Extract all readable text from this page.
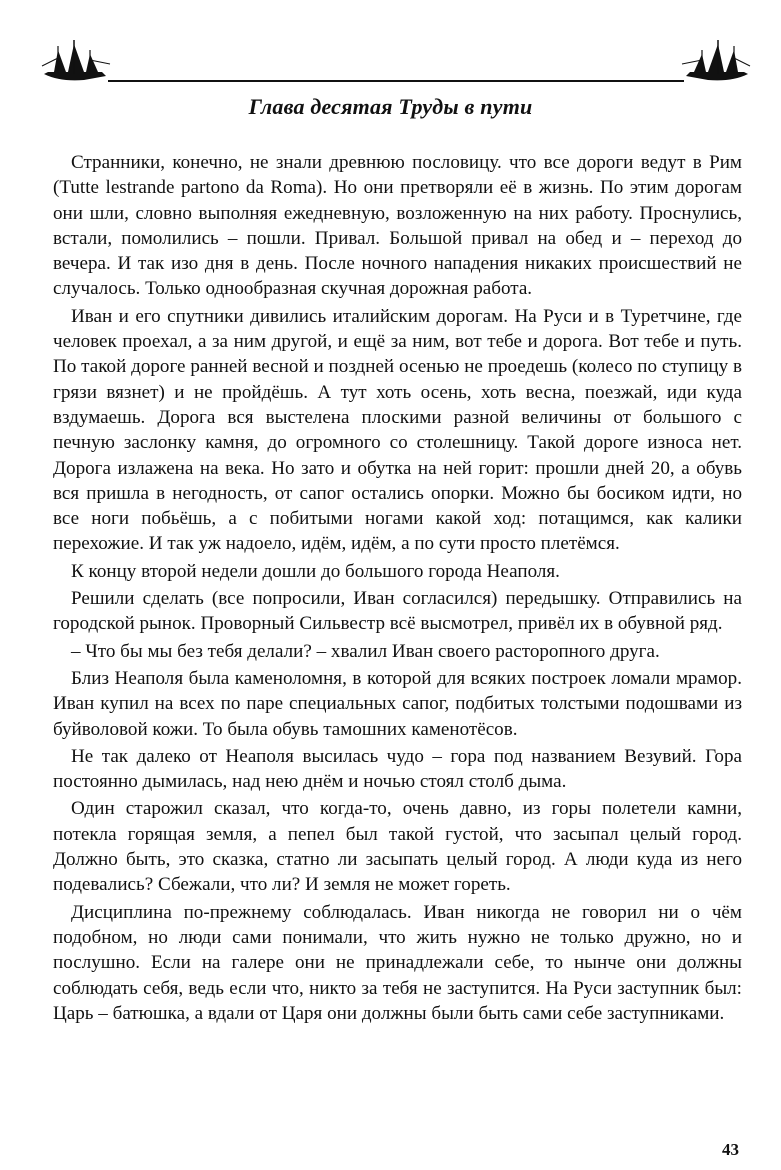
Глава десятая Труды в пути

Странники, конечно, не знали древнюю пословицу. что все дороги ведут в Рим (Tutte lestrande partono da Roma). Но они претворяли её в жизнь. По этим дорогам они шли, словно выполняя ежедневную, возложенную на них работу. Проснулись, встали, помолились – пошли. Привал. Большой привал на обед и – переход до вечера. И так изо дня в день. После ночного нападения никаких происшествий не случалось. Только однообразная скучная дорожная работа.

Иван и его спутники дивились италийским дорогам. На Руси и в Туретчине, где человек проехал, а за ним другой, и ещё за ним, вот тебе и дорога. Вот тебе и путь. По такой дороге ранней весной и поздней осенью не проедешь (колесо по ступицу в грязи вязнет) и не пройдёшь. А тут хоть осень, хоть весна, поезжай, иди куда вздумаешь. Дорога вся выстелена плоскими разной величины от большого с печную заслонку камня, до огромного со столешницу. Такой дороге износа нет. Дорога излажена на века. Но зато и обутка на ней горит: прошли дней 20, а обувь вся пришла в негодность, от сапог остались опорки. Можно бы босиком идти, но все ноги побьёшь, а с побитыми ногами какой ход: потащимся, как калики перехожие. И так уж надоело, идём, идём, а по сути просто плетёмся.

К концу второй недели дошли до большого города Неаполя.

Решили сделать (все попросили, Иван согласился) передышку. Отправились на городской рынок. Проворный Сильвестр всё высмотрел, привёл их в обувной ряд.

– Что бы мы без тебя делали? – хвалил Иван своего расторопного друга.

Близ Неаполя была каменоломня, в которой для всяких построек ломали мрамор. Иван купил на всех по паре специальных сапог, подбитых толстыми подошвами из буйволовой кожи. То была обувь тамошних каменотёсов.

Не так далеко от Неаполя высилась чудо – гора под названием Везувий. Гора постоянно дымилась, над нею днём и ночью стоял столб дыма.

Один старожил сказал, что когда-то, очень давно, из горы полетели камни, потекла горящая земля, а пепел был такой густой, что засыпал целый город. Должно быть, это сказка, статно ли засыпать целый город. А люди куда из него подевались? Сбежали, что ли? И земля не может гореть.

Дисциплина по-прежнему соблюдалась. Иван никогда не говорил ни о чём подобном, но люди сами понимали, что жить нужно не только дружно, но и послушно. Если на галере они не принадлежали себе, то нынче они должны соблюдать себя, ведь если что, никто за тебя не заступится. На Руси заступник был: Царь – батюшка, а вдали от Царя они должны были быть сами себе заступниками.

43
